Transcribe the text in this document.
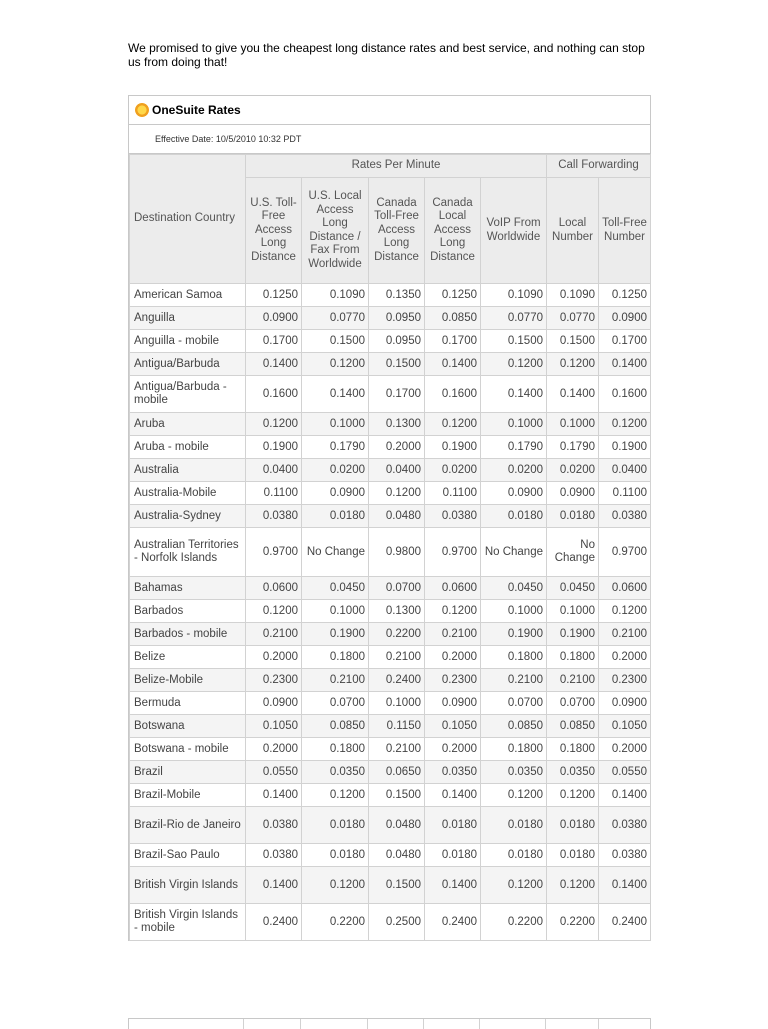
We promised to give you the cheapest long distance rates and best service, and nothing can stop us from doing that!
OneSuite Rates
Effective Date: 10/5/2010 10:32 PDT
Destination Country	Rates Per Minute					Call Forwarding	
	U.S. Toll-Free Access Long Distance	U.S. Local Access Long Distance / Fax From Worldwide	Canada Toll-Free Access Long Distance	Canada Local Access Long Distance	VoIP From Worldwide	Local Number	Toll-Free Number
American Samoa	0.1250	0.1090	0.1350	0.1250	0.1090	0.1090	0.1250
Anguilla	0.0900	0.0770	0.0950	0.0850	0.0770	0.0770	0.0900
Anguilla - mobile	0.1700	0.1500	0.0950	0.1700	0.1500	0.1500	0.1700
Antigua/Barbuda	0.1400	0.1200	0.1500	0.1400	0.1200	0.1200	0.1400
Antigua/Barbuda - mobile	0.1600	0.1400	0.1700	0.1600	0.1400	0.1400	0.1600
Aruba	0.1200	0.1000	0.1300	0.1200	0.1000	0.1000	0.1200
Aruba - mobile	0.1900	0.1790	0.2000	0.1900	0.1790	0.1790	0.1900
Australia	0.0400	0.0200	0.0400	0.0200	0.0200	0.0200	0.0400
Australia-Mobile	0.1100	0.0900	0.1200	0.1100	0.0900	0.0900	0.1100
Australia-Sydney	0.0380	0.0180	0.0480	0.0380	0.0180	0.0180	0.0380
Australian Territories - Norfolk Islands	0.9700	No Change	0.9800	0.9700	No Change	No Change	0.9700
Bahamas	0.0600	0.0450	0.0700	0.0600	0.0450	0.0450	0.0600
Barbados	0.1200	0.1000	0.1300	0.1200	0.1000	0.1000	0.1200
Barbados - mobile	0.2100	0.1900	0.2200	0.2100	0.1900	0.1900	0.2100
Belize	0.2000	0.1800	0.2100	0.2000	0.1800	0.1800	0.2000
Belize-Mobile	0.2300	0.2100	0.2400	0.2300	0.2100	0.2100	0.2300
Bermuda	0.0900	0.0700	0.1000	0.0900	0.0700	0.0700	0.0900
Botswana	0.1050	0.0850	0.1150	0.1050	0.0850	0.0850	0.1050
Botswana - mobile	0.2000	0.1800	0.2100	0.2000	0.1800	0.1800	0.2000
Brazil	0.0550	0.0350	0.0650	0.0350	0.0350	0.0350	0.0550
Brazil-Mobile	0.1400	0.1200	0.1500	0.1400	0.1200	0.1200	0.1400
Brazil-Rio de Janeiro	0.0380	0.0180	0.0480	0.0180	0.0180	0.0180	0.0380
Brazil-Sao Paulo	0.0380	0.0180	0.0480	0.0180	0.0180	0.0180	0.0380
British Virgin Islands	0.1400	0.1200	0.1500	0.1400	0.1200	0.1200	0.1400
British Virgin Islands - mobile	0.2400	0.2200	0.2500	0.2400	0.2200	0.2200	0.2400
